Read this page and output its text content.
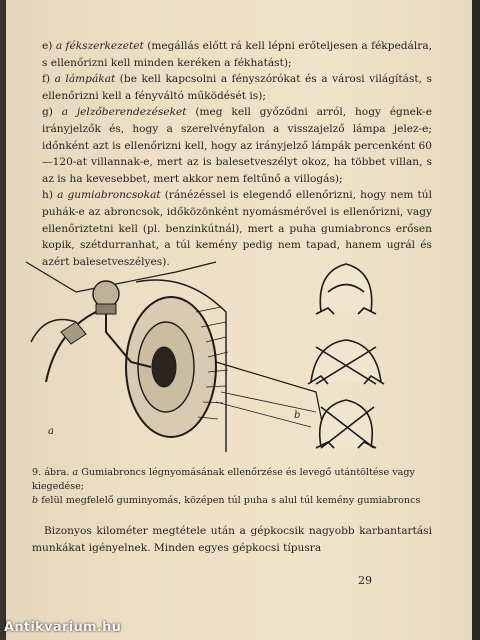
e) a fékszerkezetet (megállás előtt rá kell lépni erőteljesen a fékpedálra, s ellenőrizni kell minden keréken a fékhatást);

f) a lámpákat (be kell kapcsolni a fényszórókat és a városi világítást, s ellenőrizni kell a fényváltó működését is);

g) a jelzőberendezéseket (meg kell győződni arról, hogy égnek-e irányjelzők és, hogy a szerelvényfalon a visszajelző lámpa jelez-e; időnként azt is ellenőrizni kell, hogy az irányjelző lámpák percenként 60—120-at villannak-e, mert az is balesetveszélyt okoz, ha többet villan, s az is ha kevesebbet, mert akkor nem feltűnő a villogás);

h) a gumiabroncsokat (ránézéssel is elegendő ellenőrizni, hogy nem túl puhák-e az abroncsok, időközönként nyomásmérővel is ellenőrizni, vagy ellenőriztetni kell (pl. benzinkútnál), mert a puha gumiabroncs erősen kopik, szétdurranhat, a túl kemény pedig nem tapad, hanem ugrál és azért balesetveszélyes).

a
b
9. ábra. a Gumiabroncs légnyomásának ellenőrzése és levegő utántöltése vagy kiegedése;
b felül megfelelő guminyomás, középen túl puha s alul túl kemény gumiabroncs
Bizonyos kilométer megtétele után a gépkocsik nagyobb karbantartási munkákat igényelnek. Minden egyes gépkocsi típusra
29
Antikvarium.hu
